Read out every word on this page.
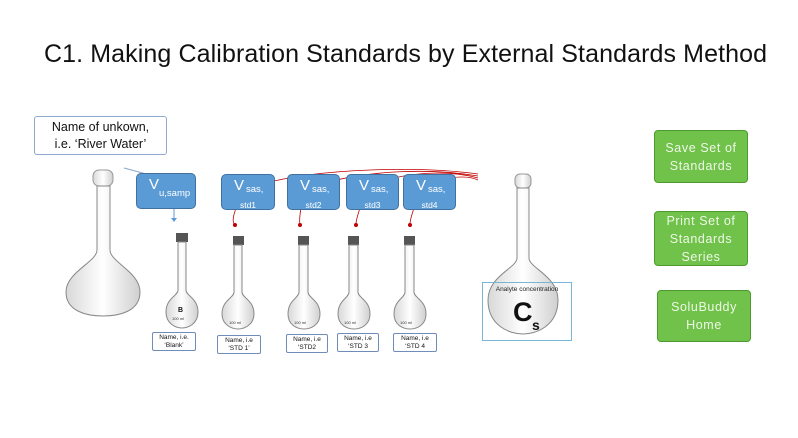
C1. Making Calibration Standards by External Standards Method
B
100 ml
100 ml	100 ml	100 ml	100 ml
Name of unkown,
i.e. ‘River Water’
V
u,samp	V sas,
std1
V sas,
std2
V sas,
std3
V sas,
std4
Name, i.e.
‘Blank’
Name, i.e
‘STD 1’
Name, i.e
‘STD2
Name, i.e
‘STD 3
Name, i.e
‘STD 4
Analyte concentration
C s
Save Set of
Standards
Print Set of
Standards
Series
SoluBuddy
Home
